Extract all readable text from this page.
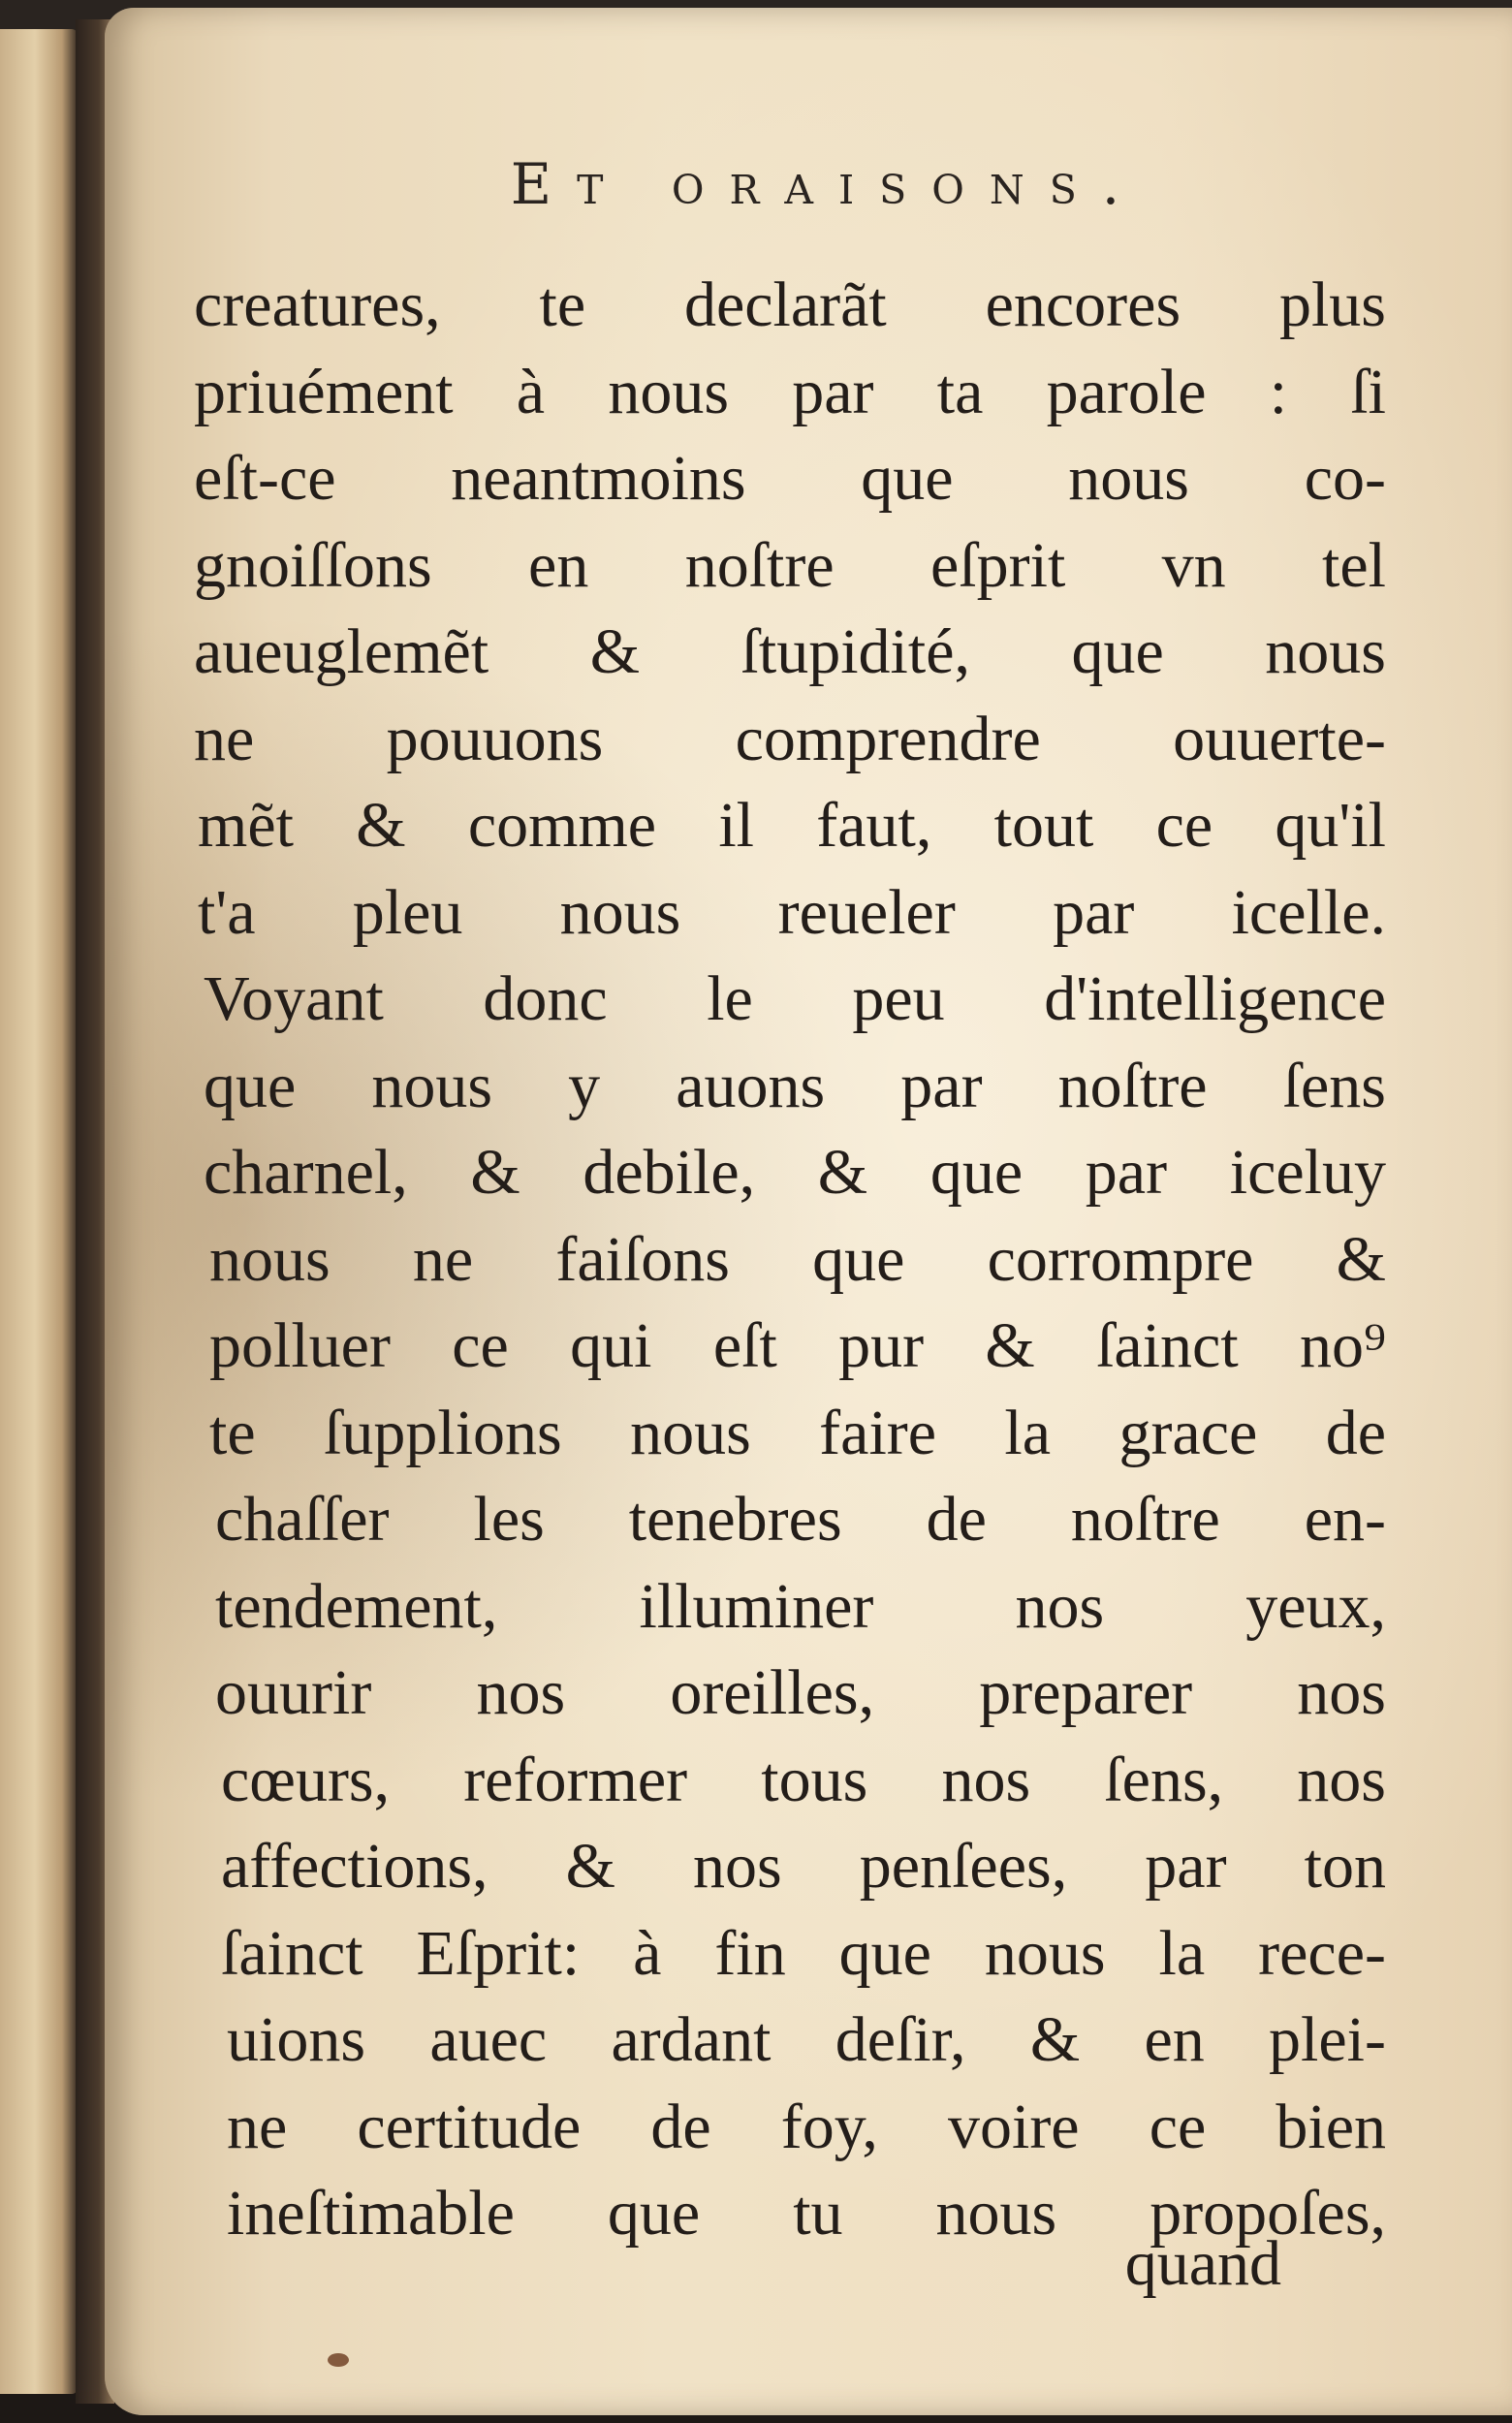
Et oraisons.
creatures, te declarãt encores plus
priuément à nous par ta parole : ſi
eſt-ce neantmoins que nous co-
gnoiſſons en noſtre eſprit vn tel
aueuglemẽt & ſtupidité, que nous
ne pouuons comprendre ouuerte-
mẽt & comme il faut, tout ce qu'il
t'a pleu nous reueler par icelle.
Voyant donc le peu d'intelligence
que nous y auons par noſtre ſens
charnel, & debile, & que par iceluy
nous ne faiſons que corrompre &
polluer ce qui eſt pur & ſainct no⁹
te ſupplions nous faire la grace de
chaſſer les tenebres de noſtre en-
tendement, illuminer nos yeux,
ouurir nos oreilles, preparer nos
cœurs, reformer tous nos ſens, nos
affections, & nos penſees, par ton
ſainct Eſprit: à fin que nous la rece-
uions auec ardant deſir, & en plei-
ne certitude de foy, voire ce bien
ineſtimable que tu nous propoſes,
quand
